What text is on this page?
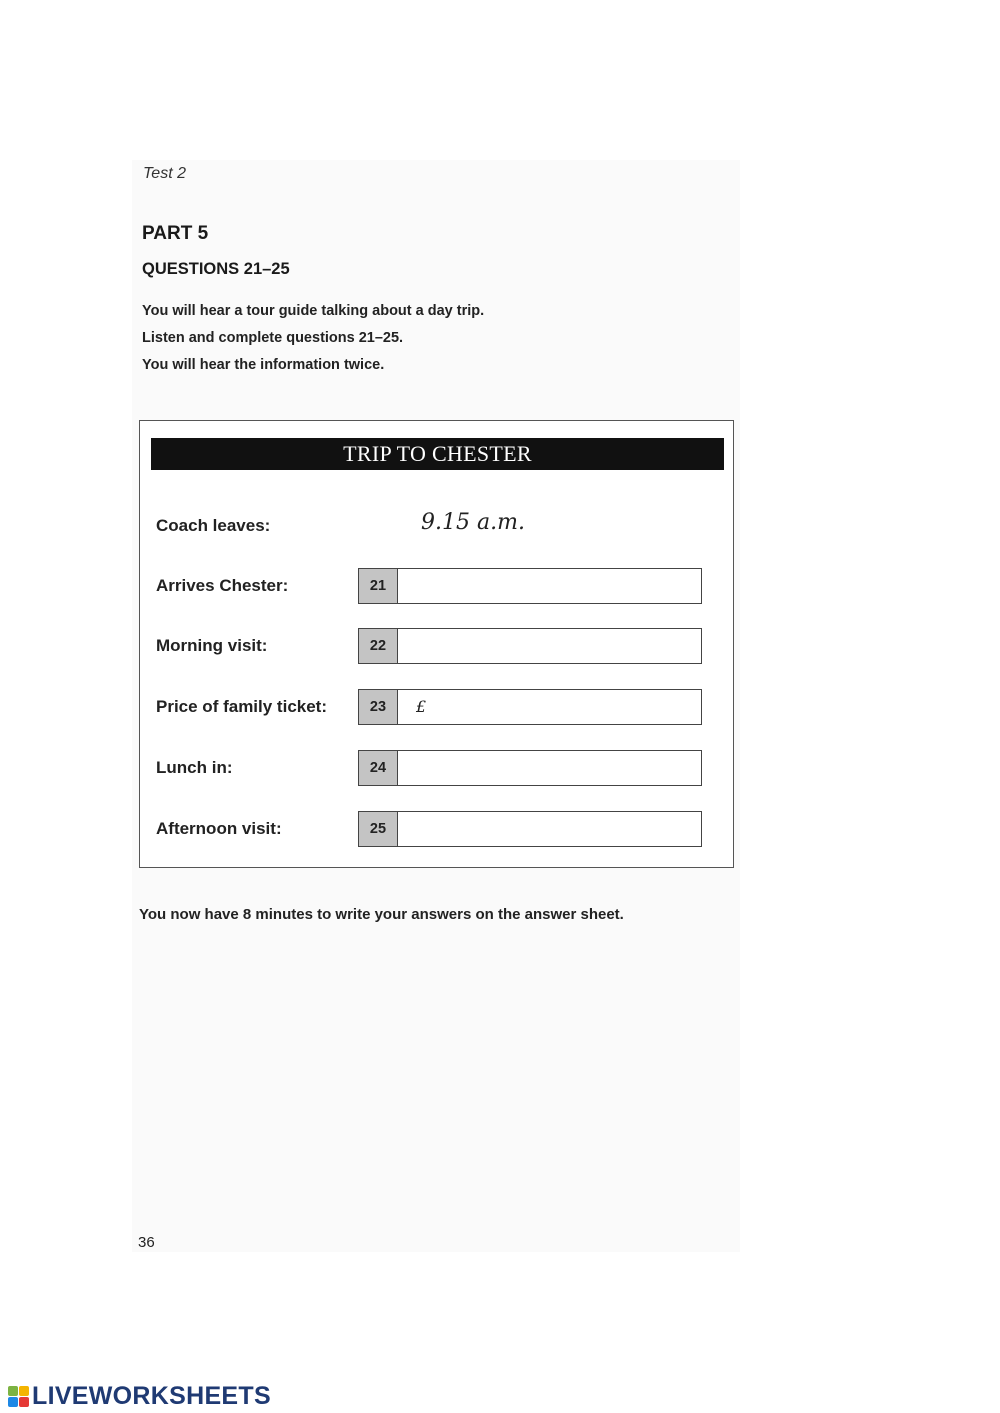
Test 2
PART 5
QUESTIONS 21–25

You will hear a tour guide talking about a day trip.

Listen and complete questions 21–25.

You will hear the information twice.

TRIP TO CHESTER
Coach leaves:	9.15 a.m.
Arrives Chester:	21
Morning visit:	22
Price of family ticket:	23	£
Lunch in:	24
Afternoon visit:	25
You now have 8 minutes to write your answers on the answer sheet.
36
LIVEWORKSHEETS
